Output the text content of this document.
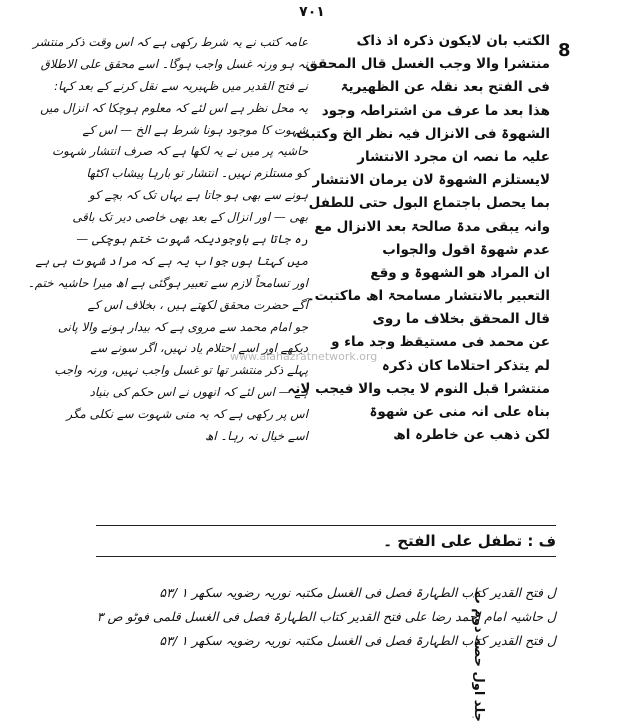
۷۰۱
8
جلد اول حصہ دوم ب
الکتب بان لایکون ذکرہ اذ ذاک
منتشرا والا وجب الغسل قال المحقق
فی الفتح بعد نقلہ عن الظھیریۃ
ھذا بعد ما عرف من اشتراطہ وجود
الشھوۃ فی الانزال فیہ نظر الخ وکتبت
علیہ ما نصہ ان مجرد الانتشار
لایستلزم الشھوۃ لان یرمان الانتشار
بما یحصل باجتماع البول حتی للطفل
وانہ یبقی مدۃ صالحۃ بعد الانزال مع
عدم شھوۃ اقول والجواب
ان المراد ھو الشھوۃ و وقع
التعبیر بالانتشار مسامحۃ اھ ماکتبت۔
قال المحقق بخلاف ما روی
عن محمد فی مستیقظ وجد ماء و
لم یتذکر احتلاما کان ذکرہ
منتشرا قبل النوم لا یجب والا فیجب لانہ
بناہ علی انہ منی عن شھوۃ
لکن ذھب عن خاطرہ اھ
عامہ کتب نے یہ شرط رکھی ہے کہ اس وقت ذکر منتشر
نہ ہو ورنہ غسل واجب ہوگا۔ اسے محقق علی الاطلاق
نے فتح القدیر میں ظہیریہ سے نقل کرنے کے بعد کہا:
یہ محل نظر ہے اس لئے کہ معلوم ہوچکا کہ انزال میں
شہوت کا موجود ہونا شرط ہے الخ — اس کے
حاشیہ پر میں نے یہ لکھا ہے کہ صرف انتشار شہوت
کو مستلزم نہیں۔ انتشار تو بارہا پیشاب اکٹھا
ہونے سے بھی ہو جاتا ہے یہاں تک کہ بچے کو
بھی — اور انزال کے بعد بھی خاصی دیر تک باقی
رہ جاتا ہے باوجودیکہ شہوت ختم ہوچکی —
میں کہتا ہوں جواب یہ ہے کہ مراد شہوت ہی ہے
اور تسامحاً لازم سے تعبیر ہوگئی ہے اھ میرا حاشیہ ختم۔
آگے حضرت محقق لکھتے ہیں ، بخلاف اس کے
جو امام محمد سے مروی ہے کہ بیدار ہونے والا پانی
دیکھے اور اسے احتلام یاد نہیں، اگر سونے سے
پہلے ذکر منتشر تھا تو غسل واجب نہیں، ورنہ واجب
ہے — اس لئے کہ انھوں نے اس حکم کی بنیاد
اس پر رکھی ہے کہ یہ منی شہوت سے نکلی مگر
اسے خیال نہ رہا۔ اھ
www.alahazratnetwork.org
ف : تطفل علی الفتح ۔
ل فتح القدیر کتاب الطہارۃ فصل فی الغسل مکتبہ نوریہ رضویہ سکھر ۱ /۵۳
ل حاشیہ امام احمد رضا علی فتح القدیر کتاب الطہارۃ فصل فی الغسل قلمی فوٹو ص ۳
ل فتح القدیر کتاب الطہارۃ فصل فی الغسل مکتبہ نوریہ رضویہ سکھر ۱ /۵۳
